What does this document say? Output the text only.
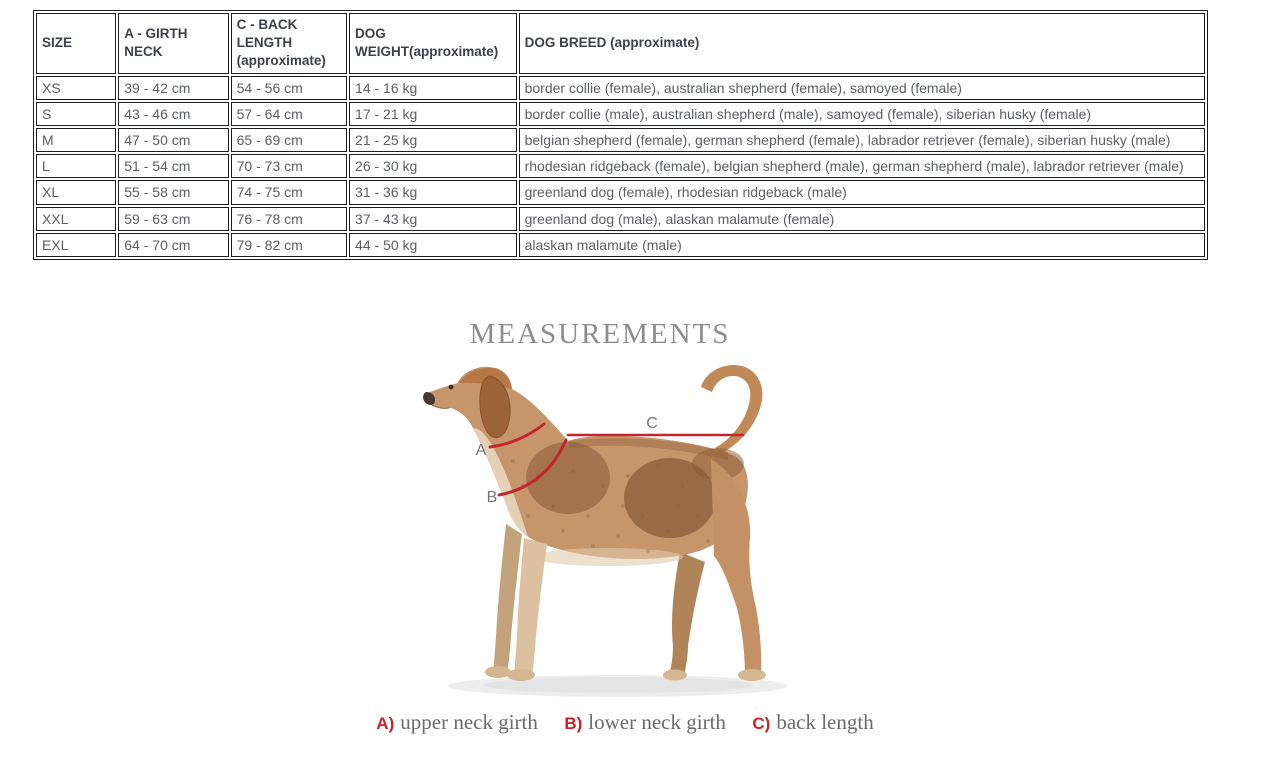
SIZE	A - GIRTH NECK	C - BACK LENGTH (approximate)	DOG WEIGHT(approximate)	DOG BREED (approximate)
XS	39 - 42 cm	54 - 56 cm	14 - 16 kg	border collie (female), australian shepherd (female), samoyed (female)
S	43 - 46 cm	57 - 64 cm	17 - 21 kg	border collie (male), australian shepherd (male), samoyed (female), siberian husky (female)
M	47 - 50 cm	65 - 69 cm	21 - 25 kg	belgian shepherd (female), german shepherd (female), labrador retriever (female), siberian husky (male)
L	51 - 54 cm	70 - 73 cm	26 - 30 kg	rhodesian ridgeback (female), belgian shepherd (male), german shepherd (male), labrador retriever (male)
XL	55 - 58 cm	74 - 75 cm	31 - 36 kg	greenland dog (female), rhodesian ridgeback (male)
XXL	59 - 63 cm	76 - 78 cm	37 - 43 kg	greenland dog (male), alaskan malamute (female)
EXL	64 - 70 cm	79 - 82 cm	44 - 50 kg	alaskan malamute (male)
MEASUREMENTS
A
B
C
A) upper neck girth B) lower neck girth C) back length
